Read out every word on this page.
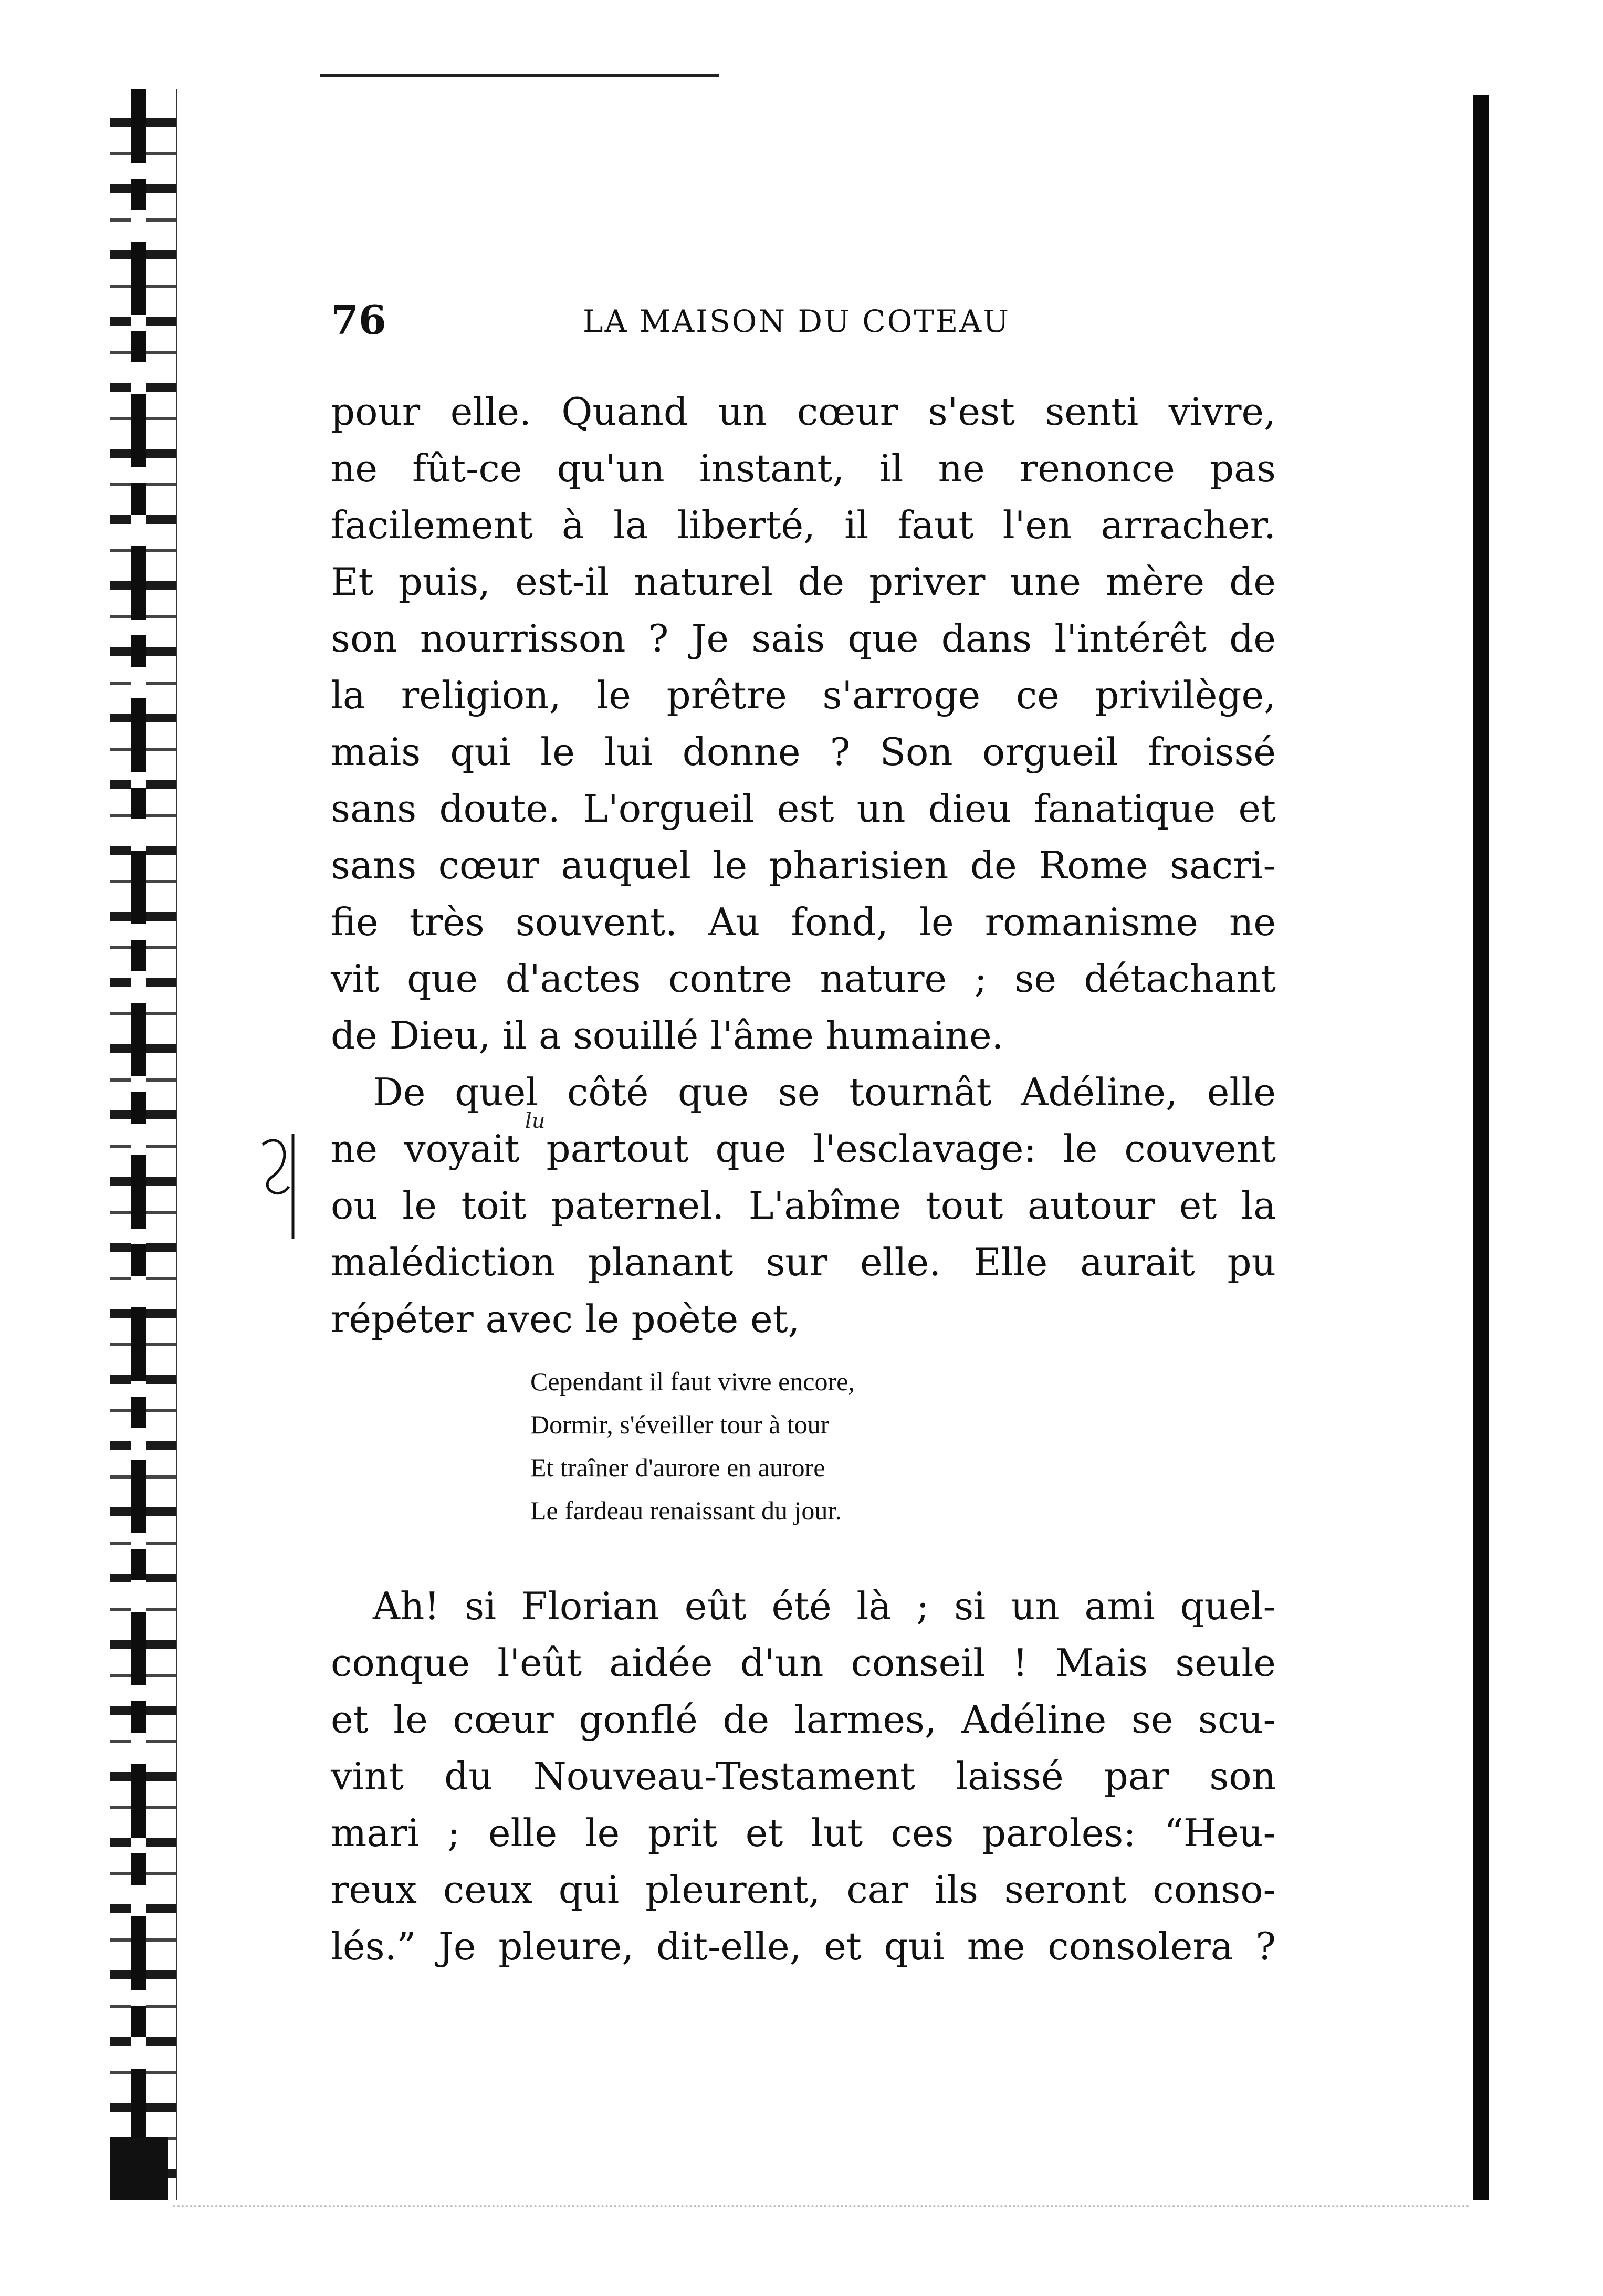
76	LA MAISON DU COTEAU
pour elle. Quand un cœur s'est senti vivre,
ne fût-ce qu'un instant, il ne renonce pas
facilement à la liberté, il faut l'en arracher.
Et puis, est-il naturel de priver une mère de
son nourrisson ? Je sais que dans l'intérêt de
la religion, le prêtre s'arroge ce privilège,
mais qui le lui donne ? Son orgueil froissé
sans doute. L'orgueil est un dieu fanatique et
sans cœur auquel le pharisien de Rome sacri-
fie très souvent. Au fond, le romanisme ne
vit que d'actes contre nature ; se détachant
de Dieu, il a souillé l'âme humaine.
De quel côté que se tournât Adéline, elle
ne voyait partout que l'esclavage: le couvent
ou le toit paternel. L'abîme tout autour et la
malédiction planant sur elle. Elle aurait pu
répéter avec le poète et,
Cependant il faut vivre encore,
Dormir, s'éveiller tour à tour
Et traîner d'aurore en aurore
Le fardeau renaissant du jour.
Ah! si Florian eût été là ; si un ami quel-
conque l'eût aidée d'un conseil ! Mais seule
et le cœur gonflé de larmes, Adéline se scu-
vint du Nouveau-Testament laissé par son
mari ; elle le prit et lut ces paroles: “Heu-
reux ceux qui pleurent, car ils seront conso-
lés.” Je pleure, dit-elle, et qui me consolera ?
lu
